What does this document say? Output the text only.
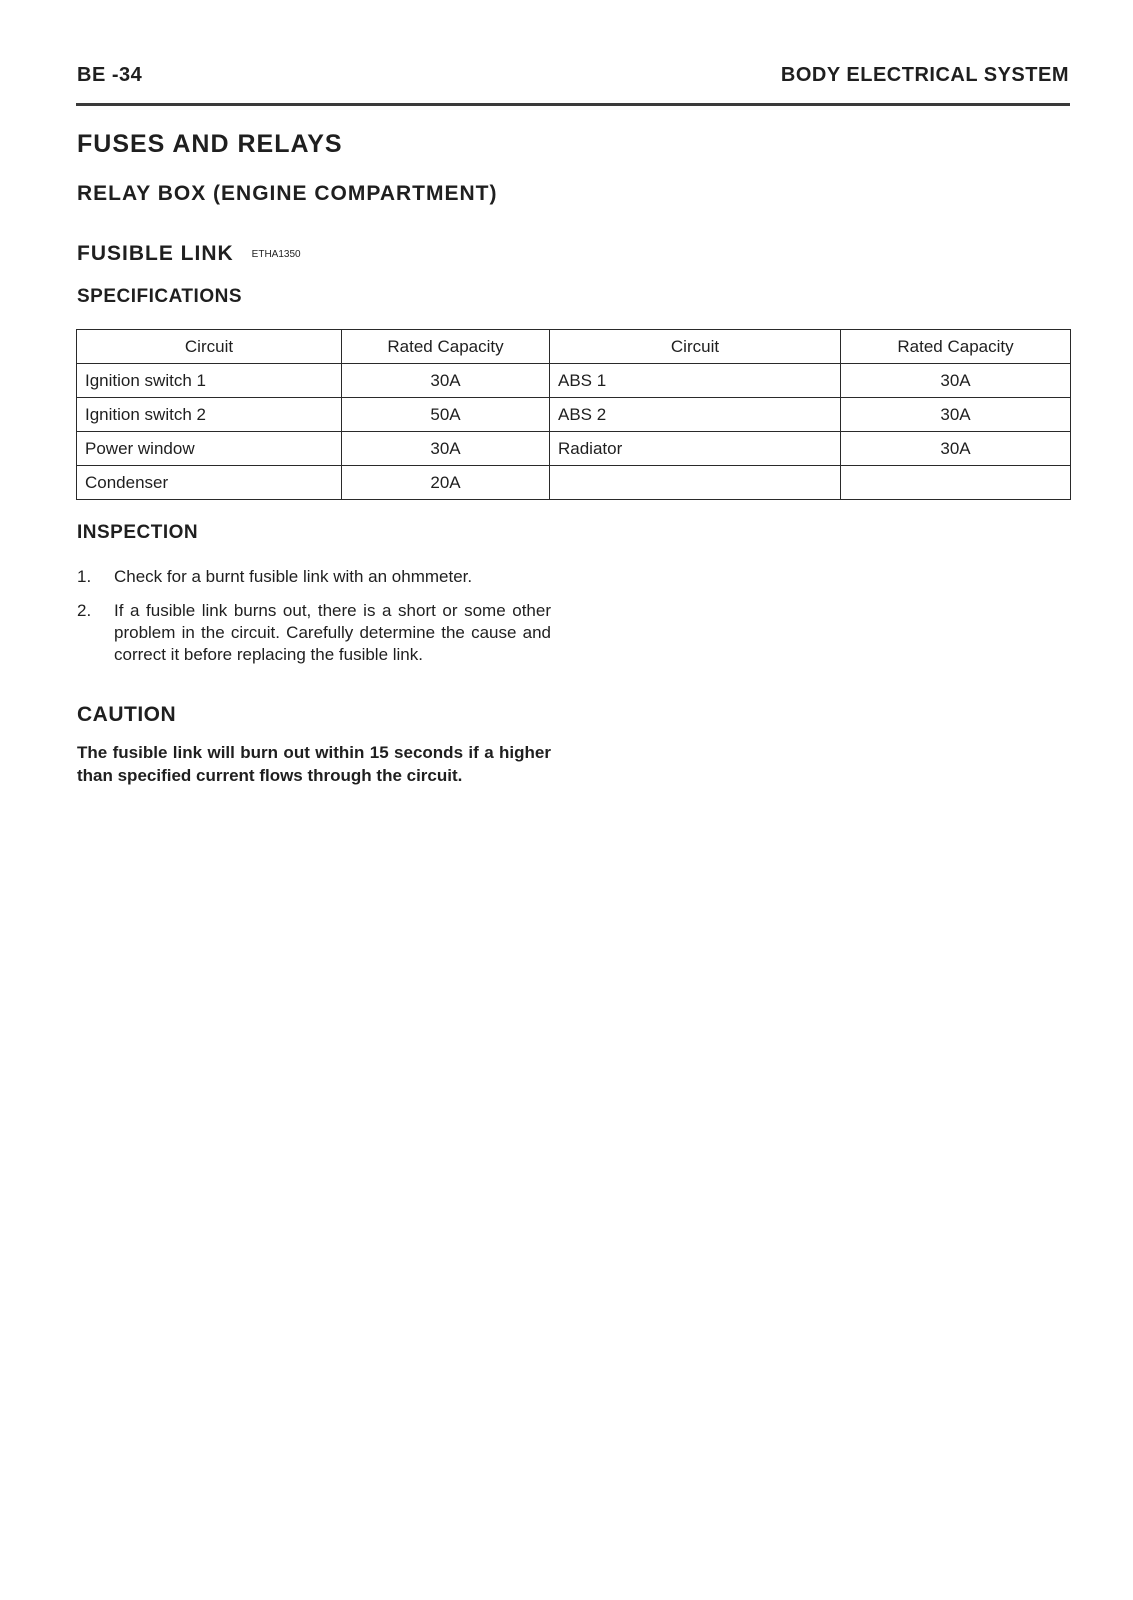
BE -34	BODY ELECTRICAL SYSTEM
FUSES AND RELAYS
RELAY BOX (ENGINE COMPARTMENT)
FUSIBLE LINK ETHA1350
SPECIFICATIONS
Circuit	Rated Capacity	Circuit	Rated Capacity
Ignition switch 1	30A	ABS 1	30A
Ignition switch 2	50A	ABS 2	30A
Power window	30A	Radiator	30A
Condenser	20A		
INSPECTION
1.	Check for a burnt fusible link with an ohmmeter.
2.	If a fusible link burns out, there is a short or some other problem in the circuit. Carefully determine the cause and correct it before replacing the fusible link.
CAUTION
The fusible link will burn out within 15 seconds if a higher than specified current flows through the circuit.
